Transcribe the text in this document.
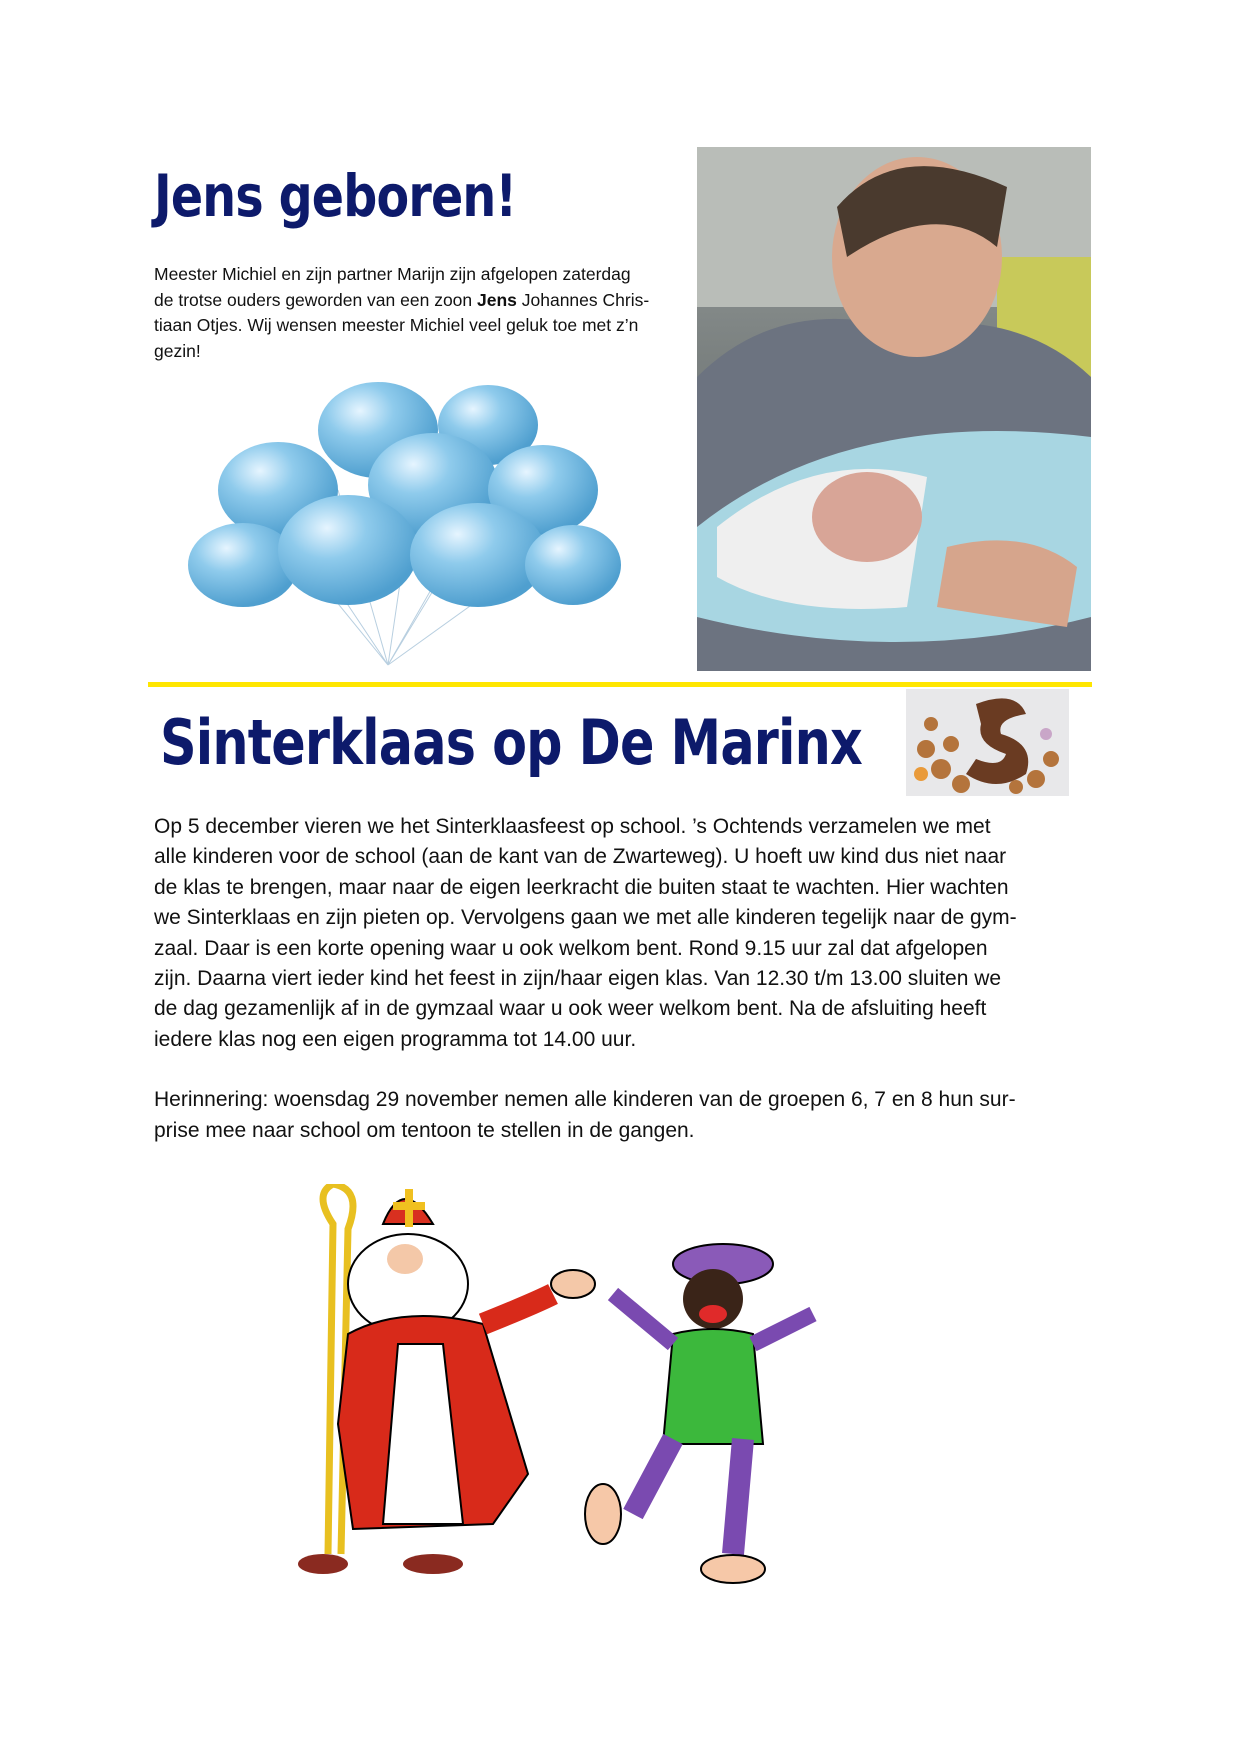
Jens geboren!
Meester Michiel en zijn partner Marijn zijn afgelopen zaterdag
de trotse ouders geworden van een zoon Jens Johannes Chris-
tiaan Otjes. Wij wensen meester Michiel veel geluk toe met z’n
gezin!
Sinterklaas op De Marinx
Op 5 december vieren we het Sinterklaasfeest op school. ’s Ochtends verzamelen we met
alle kinderen voor de school (aan de kant van de Zwarteweg). U hoeft uw kind dus niet naar
de klas te brengen, maar naar de eigen leerkracht die buiten staat te wachten. Hier wachten
we Sinterklaas en zijn pieten op. Vervolgens gaan we met alle kinderen tegelijk naar de gym-
zaal. Daar is een korte opening waar u ook welkom bent. Rond 9.15 uur zal dat afgelopen
zijn. Daarna viert ieder kind het feest in zijn/haar eigen klas. Van 12.30 t/m 13.00 sluiten we
de dag gezamenlijk af in de gymzaal waar u ook weer welkom bent. Na de afsluiting heeft
iedere klas nog een eigen programma tot 14.00 uur.
Herinnering: woensdag 29 november nemen alle kinderen van de groepen 6, 7 en 8 hun sur-
prise mee naar school om tentoon te stellen in de gangen.
